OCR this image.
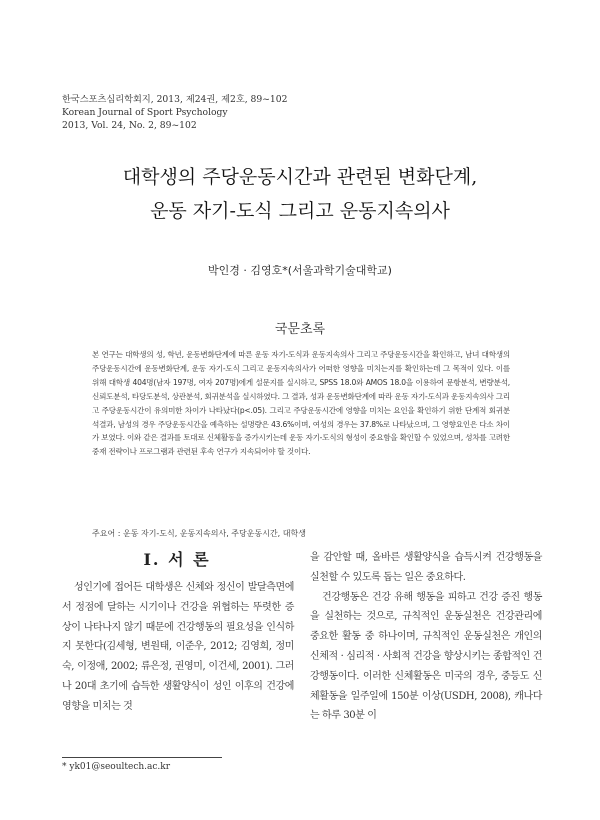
한국스포츠심리학회지, 2013, 제24권, 제2호, 89~102
Korean Journal of Sport Psychology
2013, Vol. 24, No. 2, 89~102
대학생의 주당운동시간과 관련된 변화단계,
운동 자기-도식 그리고 운동지속의사
박인경 · 김영호*(서울과학기술대학교)
국문초록
본 연구는 대학생의 성, 학년, 운동변화단계에 따른 운동 자기-도식과 운동지속의사 그리고 주당운동시간을 확인하고, 남녀 대학생의 주당운동시간에 운동변화단계, 운동 자기-도식 그리고 운동지속의사가 어떠한 영향을 미치는지를 확인하는데 그 목적이 있다. 이를 위해 대학생 404명(남자 197명, 여자 207명)에게 설문지를 실시하고, SPSS 18.0와 AMOS 18.0을 이용하여 문항분석, 변량분석, 신뢰도분석, 타당도분석, 상관분석, 회귀분석을 실시하였다. 그 결과, 성과 운동변화단계에 따라 운동 자기-도식과 운동지속의사 그리고 주당운동시간이 유의미한 차이가 나타났다(p<.05). 그리고 주당운동시간에 영향을 미치는 요인을 확인하기 위한 단계적 회귀분석결과, 남성의 경우 주당운동시간을 예측하는 설명량은 43.6%이며, 여성의 경우는 37.8%로 나타났으며, 그 영향요인은 다소 차이가 보였다. 이와 같은 결과를 토대로 신체활동을 증가시키는데 운동 자기-도식의 형성이 중요함을 확인할 수 있었으며, 성차를 고려한 중재 전략이나 프로그램과 관련된 후속 연구가 지속되어야 할 것이다.
주요어 : 운동 자기-도식, 운동지속의사, 주당운동시간, 대학생
I. 서 론

성인기에 접어든 대학생은 신체와 정신이 발달측면에서 정점에 달하는 시기이나 건강을 위협하는 뚜렷한 증상이 나타나지 않기 때문에 건강행동의 필요성을 인식하지 못한다(김세형, 변원태, 이준우, 2012; 김영희, 정미숙, 이정애, 2002; 류은정, 권영미, 이건세, 2001). 그러나 20대 초기에 습득한 생활양식이 성인 이후의 건강에 영향을 미치는 것

을 감안할 때, 올바른 생활양식을 습득시켜 건강행동을 실천할 수 있도록 돕는 일은 중요하다.

건강행동은 건강 유해 행동을 피하고 건강 증진 행동을 실천하는 것으로, 규칙적인 운동실천은 건강관리에 중요한 활동 중 하나이며, 규칙적인 운동실천은 개인의 신체적 · 심리적 · 사회적 건강을 향상시키는 종합적인 건강행동이다. 이러한 신체활동은 미국의 경우, 중등도 신체활동을 일주일에 150분 이상(USDH, 2008), 캐나다는 하루 30분 이

* yk01@seoultech.ac.kr
